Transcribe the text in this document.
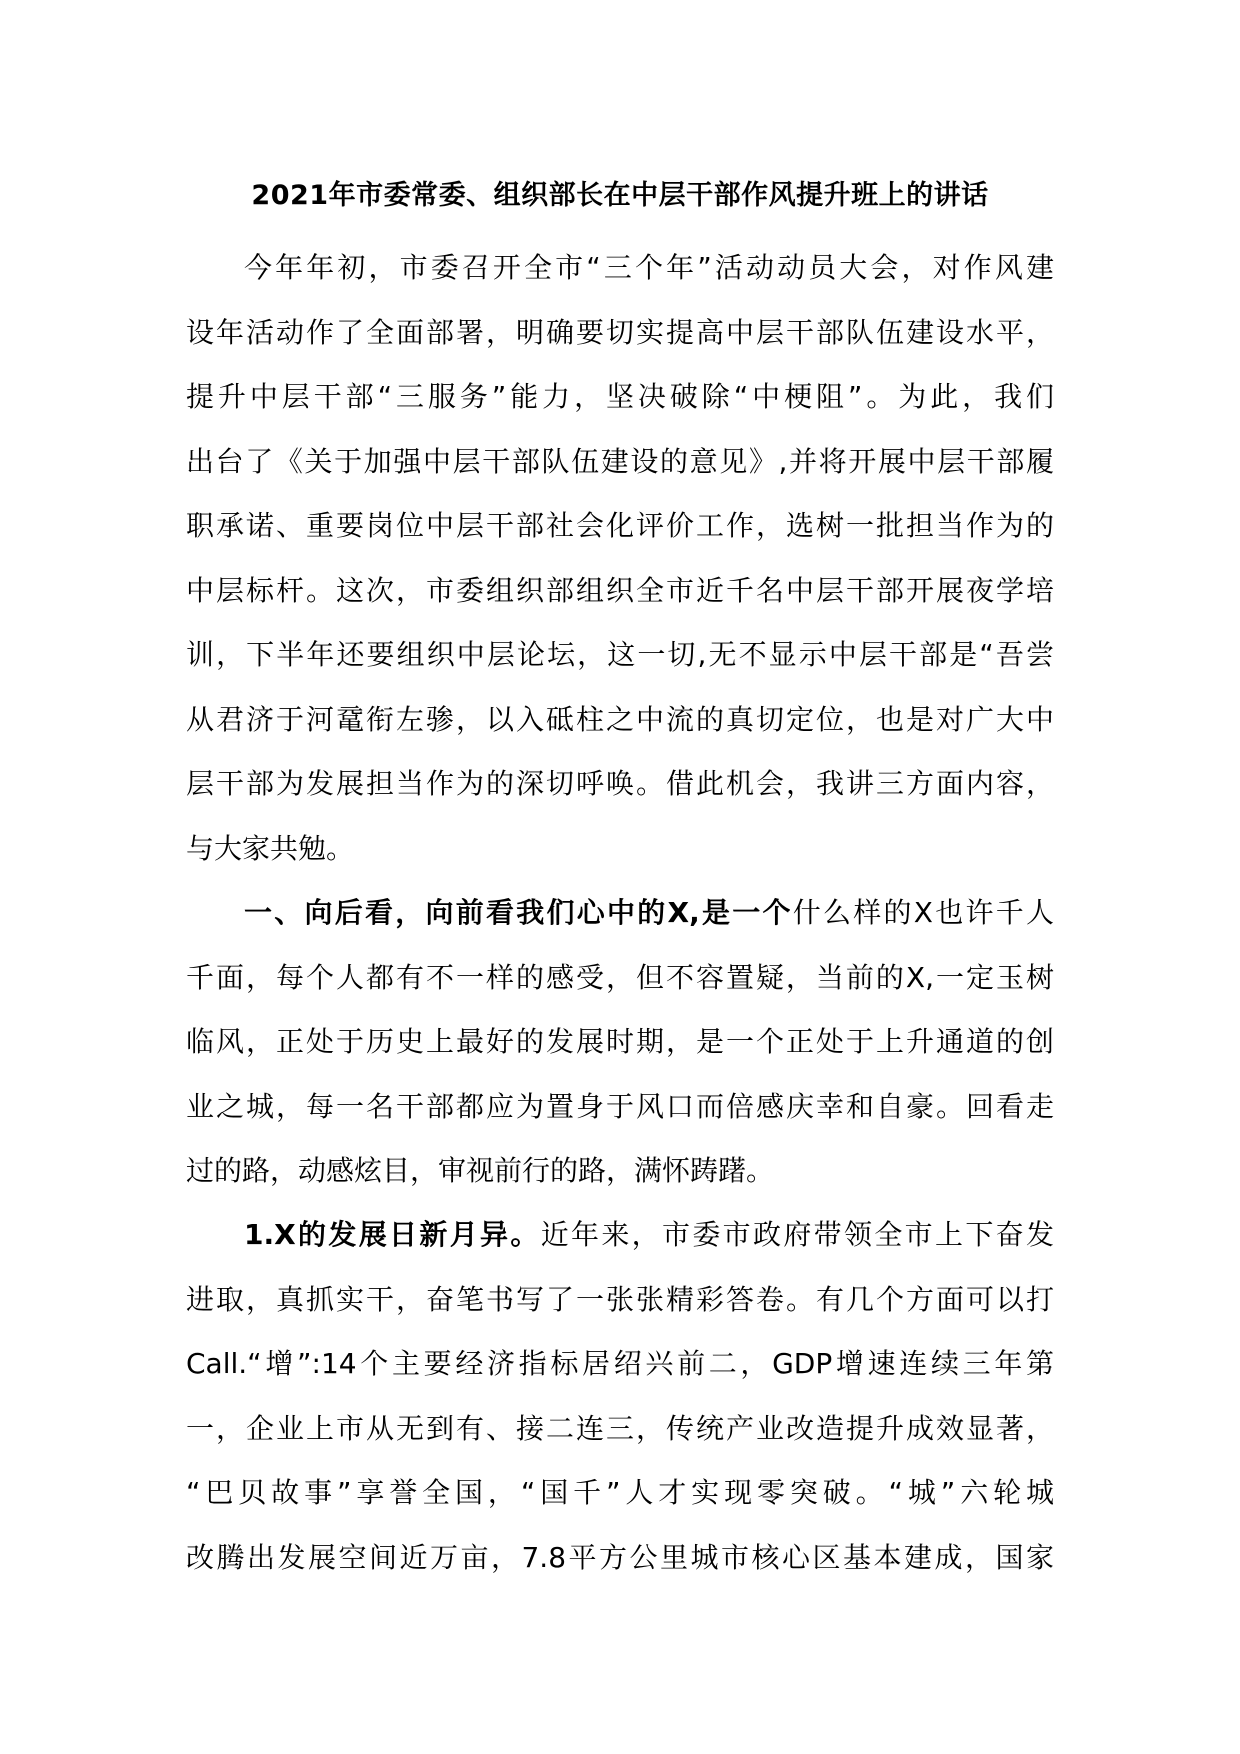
2021年市委常委、组织部长在中层干部作风提升班上的讲话
今年年初，市委召开全市“三个年”活动动员大会，对作风建
设年活动作了全面部署，明确要切实提高中层干部队伍建设水平，
提升中层干部“三服务”能力，坚决破除“中梗阻”。为此，我们
出台了《关于加强中层干部队伍建设的意见》,并将开展中层干部履
职承诺、重要岗位中层干部社会化评价工作，选树一批担当作为的
中层标杆。这次，市委组织部组织全市近千名中层干部开展夜学培
训，下半年还要组织中层论坛，这一切,无不显示中层干部是“吾尝
从君济于河鼋衔左骖，以入砥柱之中流的真切定位，也是对广大中
层干部为发展担当作为的深切呼唤。借此机会，我讲三方面内容，
与大家共勉。
一、向后看，向前看我们心中的X,是一个什么样的X也许千人
千面，每个人都有不一样的感受，但不容置疑，当前的X,一定玉树
临风，正处于历史上最好的发展时期，是一个正处于上升通道的创
业之城，每一名干部都应为置身于风口而倍感庆幸和自豪。回看走
过的路，动感炫目，审视前行的路，满怀踌躇。
1.X的发展日新月异。近年来，市委市政府带领全市上下奋发
进取，真抓实干，奋笔书写了一张张精彩答卷。有几个方面可以打
Call.“增”:14个主要经济指标居绍兴前二，GDP增速连续三年第
一，企业上市从无到有、接二连三，传统产业改造提升成效显著，
“巴贝故事”享誉全国，“国千”人才实现零突破。“城”六轮城
改腾出发展空间近万亩，7.8平方公里城市核心区基本建成，国家
